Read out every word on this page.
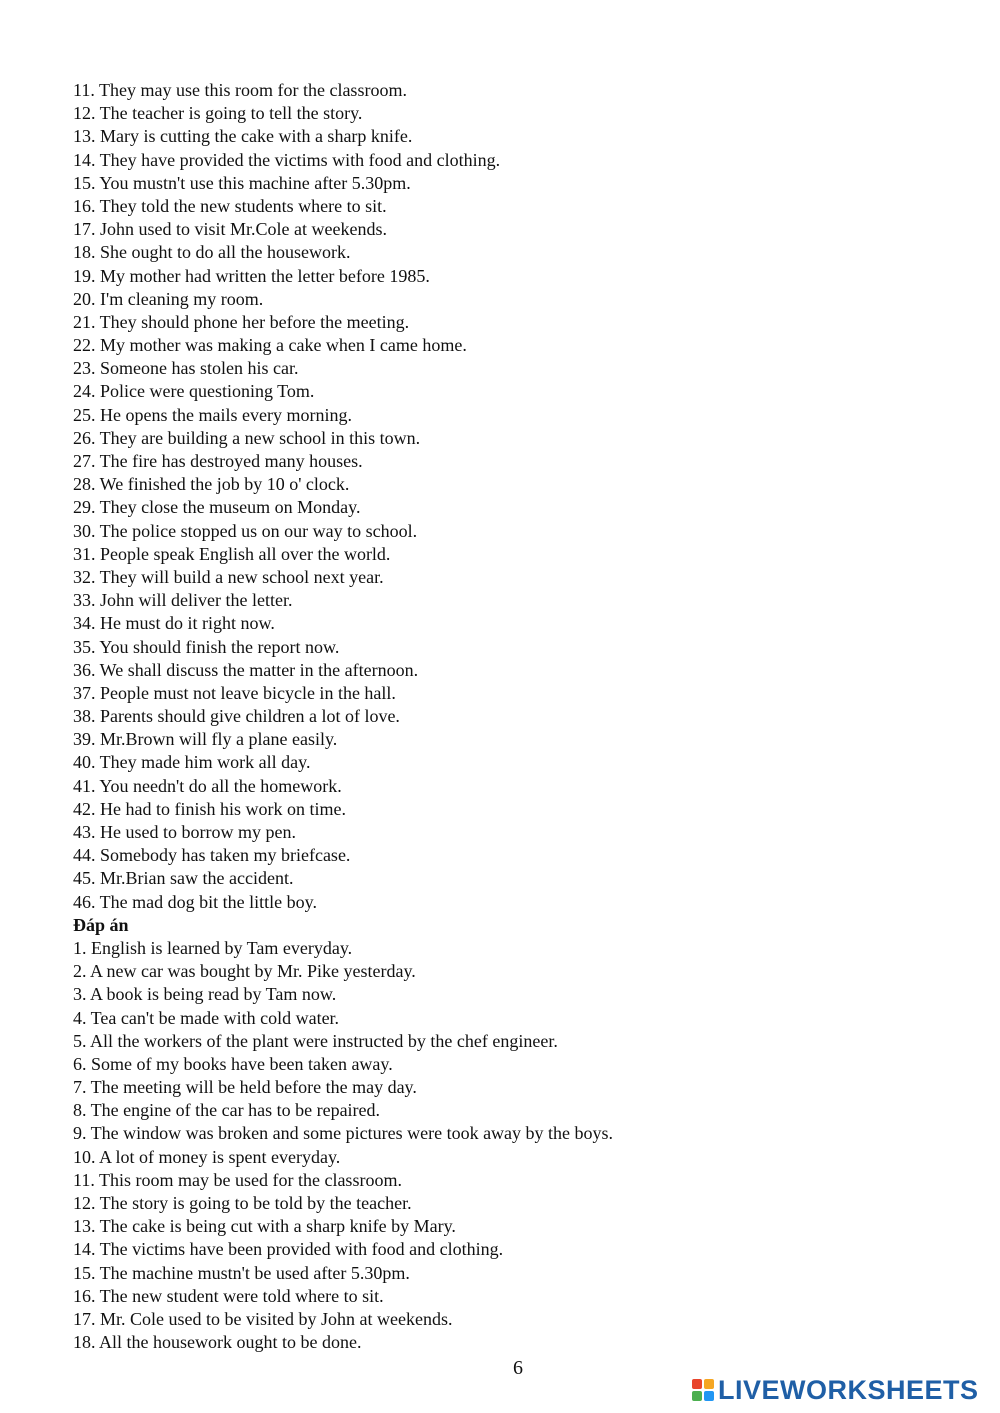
11. They may use this room for the classroom.
12. The teacher is going to tell the story.
13. Mary is cutting the cake with a sharp knife.
14. They have provided the victims with food and clothing.
15. You mustn't use this machine after 5.30pm.
16. They told the new students where to sit.
17. John used to visit Mr.Cole at weekends.
18. She ought to do all the housework.
19. My mother had written the letter before 1985.
20. I'm cleaning my room.
21. They should phone her before the meeting.
22. My mother was making a cake when I came home.
23. Someone has stolen his car.
24. Police were questioning Tom.
25. He opens the mails every morning.
26. They are building a new school in this town.
27. The fire has destroyed many houses.
28. We finished the job by 10 o' clock.
29. They close the museum on Monday.
30. The police stopped us on our way to school.
31. People speak English all over the world.
32. They will build a new school next year.
33. John will deliver the letter.
34. He must do it right now.
35. You should finish the report now.
36. We shall discuss the matter in the afternoon.
37. People must not leave bicycle in the hall.
38. Parents should give children a lot of love.
39. Mr.Brown will fly a plane easily.
40. They made him work all day.
41. You needn't do all the homework.
42. He had to finish his work on time.
43. He used to borrow my pen.
44. Somebody has taken my briefcase.
45. Mr.Brian saw the accident.
46. The mad dog bit the little boy.
Đáp án
1. English is learned by Tam everyday.
2. A new car was bought by Mr. Pike yesterday.
3. A book is being read by Tam now.
4. Tea can't be made with cold water.
5. All the workers of the plant were instructed by the chef engineer.
6. Some of my books have been taken away.
7. The meeting will be held before the may day.
8. The engine of the car has to be repaired.
9. The window was broken and some pictures were took away by the boys.
10. A lot of money is spent everyday.
11. This room may be used for the classroom.
12. The story is going to be told by the teacher.
13. The cake is being cut with a sharp knife by Mary.
14. The victims have been provided with food and clothing.
15. The machine mustn't be used after 5.30pm.
16. The new student were told where to sit.
17. Mr. Cole used to be visited by John at weekends.
18. All the housework ought to be done.
6
LIVEWORKSHEETS
